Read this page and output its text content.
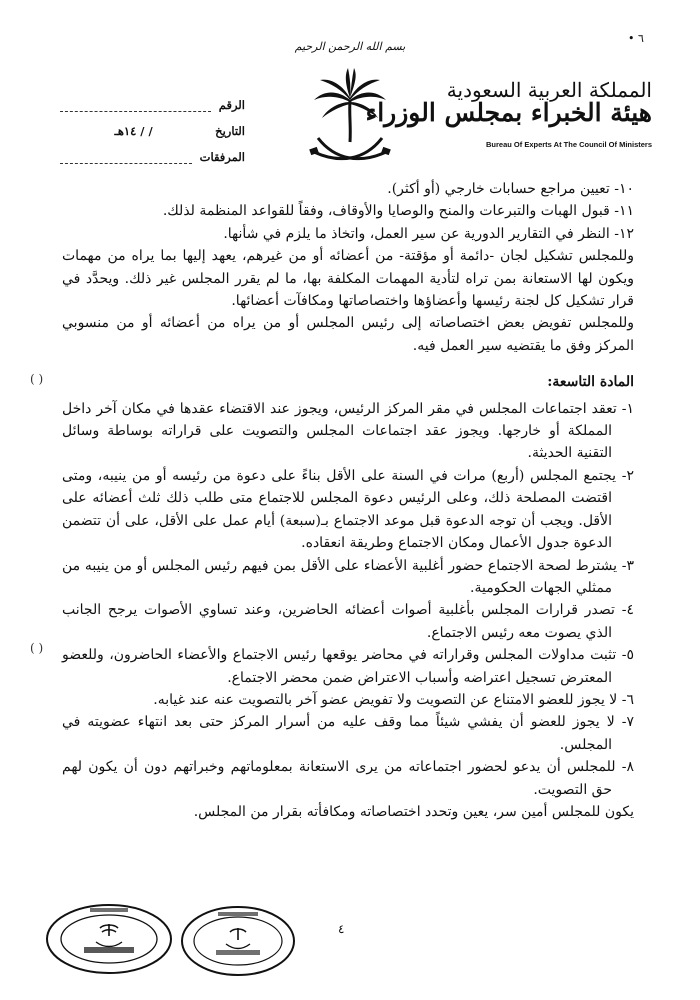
• ٦
بسم الله الرحمن الرحيم
المملكة العربية السعودية
هيئة الخبراء بمجلس الوزراء
Bureau Of Experts At The Council Of Ministers
الرقم
التاريخ
/ / ١٤هـ
المرفقات

١٠- تعيين مراجع حسابات خارجي (أو أكثر).

١١- قبول الهبات والتبرعات والمنح والوصايا والأوقاف، وفقاً للقواعد المنظمة لذلك.

١٢- النظر في التقارير الدورية عن سير العمل، واتخاذ ما يلزم في شأنها.

وللمجلس تشكيل لجان -دائمة أو مؤقتة- من أعضائه أو من غيرهم، يعهد إليها بما يراه من مهمات ويكون لها الاستعانة بمن تراه لتأدية المهمات المكلفة بها، ما لم يقرر المجلس غير ذلك. ويحدَّد في قرار تشكيل كل لجنة رئيسها وأعضاؤها واختصاصاتها ومكافآت أعضائها.

وللمجلس تفويض بعض اختصاصاته إلى رئيس المجلس أو من يراه من أعضائه أو من منسوبي المركز وفق ما يقتضيه سير العمل فيه.

المادة التاسعة:

١- تعقد اجتماعات المجلس في مقر المركز الرئيس، ويجوز عند الاقتضاء عقدها في مكان آخر داخل المملكة أو خارجها. ويجوز عقد اجتماعات المجلس والتصويت على قراراته بوساطة وسائل التقنية الحديثة.

٢- يجتمع المجلس (أربع) مرات في السنة على الأقل بناءً على دعوة من رئيسه أو من ينيبه، ومتى اقتضت المصلحة ذلك، وعلى الرئيس دعوة المجلس للاجتماع متى طلب ذلك ثلث أعضائه على الأقل. ويجب أن توجه الدعوة قبل موعد الاجتماع بـ(سبعة) أيام عمل على الأقل، على أن تتضمن الدعوة جدول الأعمال ومكان الاجتماع وطريقة انعقاده.

٣- يشترط لصحة الاجتماع حضور أغلبية الأعضاء على الأقل بمن فيهم رئيس المجلس أو من ينيبه من ممثلي الجهات الحكومية.

٤- تصدر قرارات المجلس بأغلبية أصوات أعضائه الحاضرين، وعند تساوي الأصوات يرجح الجانب الذي يصوت معه رئيس الاجتماع.

٥- تثبت مداولات المجلس وقراراته في محاضر يوقعها رئيس الاجتماع والأعضاء الحاضرون، وللعضو المعترض تسجيل اعتراضه وأسباب الاعتراض ضمن محضر الاجتماع.

٦- لا يجوز للعضو الامتناع عن التصويت ولا تفويض عضو آخر بالتصويت عنه عند غيابه.

٧- لا يجوز للعضو أن يفشي شيئاً مما وقف عليه من أسرار المركز حتى بعد انتهاء عضويته في المجلس.

٨- للمجلس أن يدعو لحضور اجتماعاته من يرى الاستعانة بمعلوماتهم وخبراتهم دون أن يكون لهم حق التصويت.

يكون للمجلس أمين سر، يعين وتحدد اختصاصاته ومكافأته بقرار من المجلس.

( )
( )
٤
